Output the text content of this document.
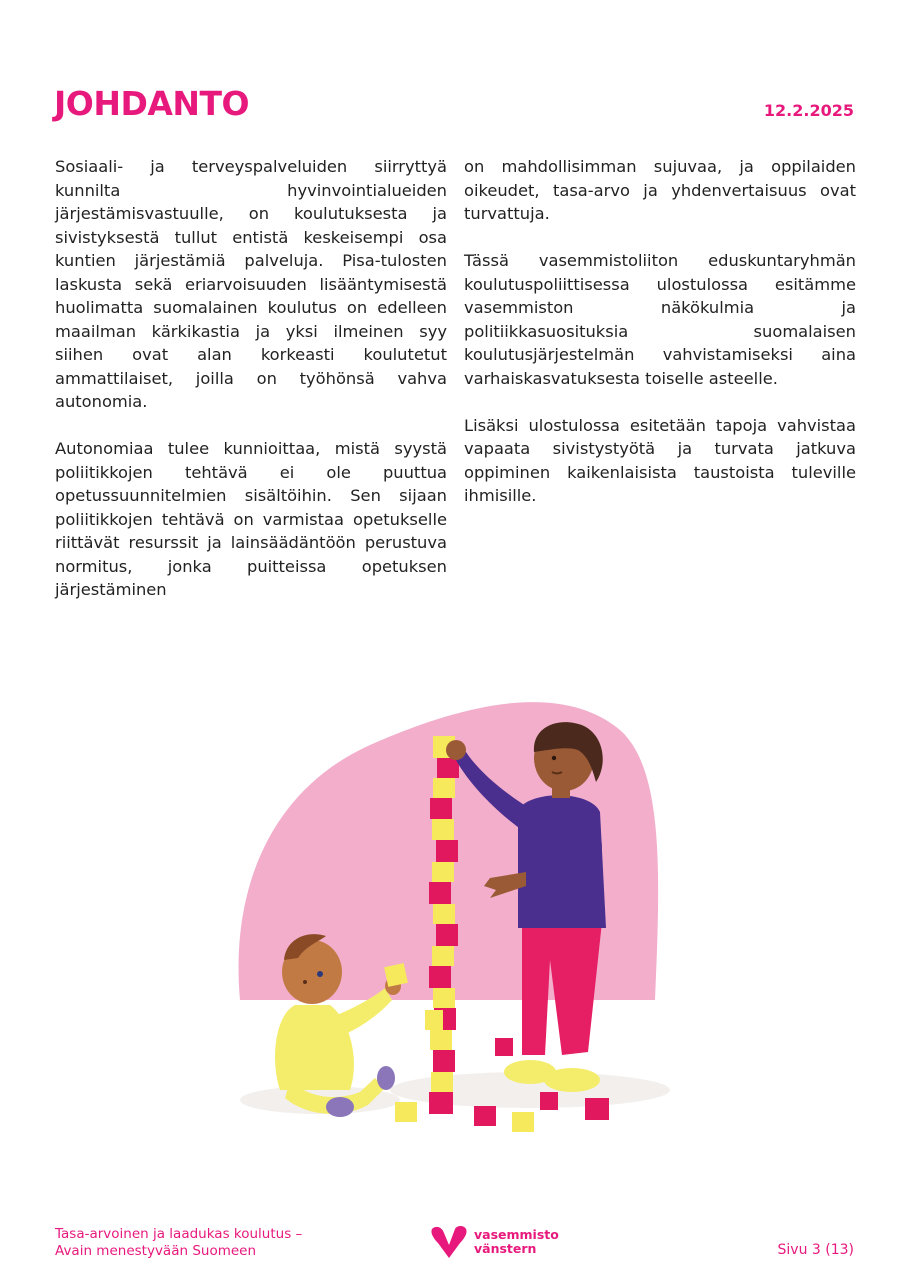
JOHDANTO	12.2.2025

Sosiaali- ja terveyspalveluiden siirryttyä kunnilta hyvinvointialueiden järjestämisvastuulle, on koulutuksesta ja sivistyksestä tullut entistä keskeisempi osa kuntien järjestämiä palveluja. Pisa-tulosten laskusta sekä eriarvoisuuden lisääntymisestä huolimatta suomalainen koulutus on edelleen maailman kärkikastia ja yksi ilmeinen syy siihen ovat alan korkeasti koulutetut ammattilaiset, joilla on työhönsä vahva autonomia.

Autonomiaa tulee kunnioittaa, mistä syystä poliitikkojen tehtävä ei ole puuttua opetussuunnitelmien sisältöihin. Sen sijaan poliitikkojen tehtävä on varmistaa opetukselle riittävät resurssit ja lainsäädäntöön perustuva normitus, jonka puitteissa opetuksen järjestäminen

on mahdollisimman sujuvaa, ja oppilaiden oikeudet, tasa-arvo ja yhdenvertaisuus ovat turvattuja.

Tässä vasemmistoliiton eduskuntaryhmän koulutuspoliittisessa ulostulossa esitämme vasemmiston näkökulmia ja politiikkasuosituksia suomalaisen koulutusjärjestelmän vahvistamiseksi aina varhaiskasvatuksesta toiselle asteelle.

Lisäksi ulostulossa esitetään tapoja vahvistaa vapaata sivistystyötä ja turvata jatkuva oppiminen kaikenlaisista taustoista tuleville ihmisille.

Tasa-arvoinen ja laadukas koulutus –
Avain menestyvään Suomeen
vasemmisto
vänstern	Sivu 3 (13)
